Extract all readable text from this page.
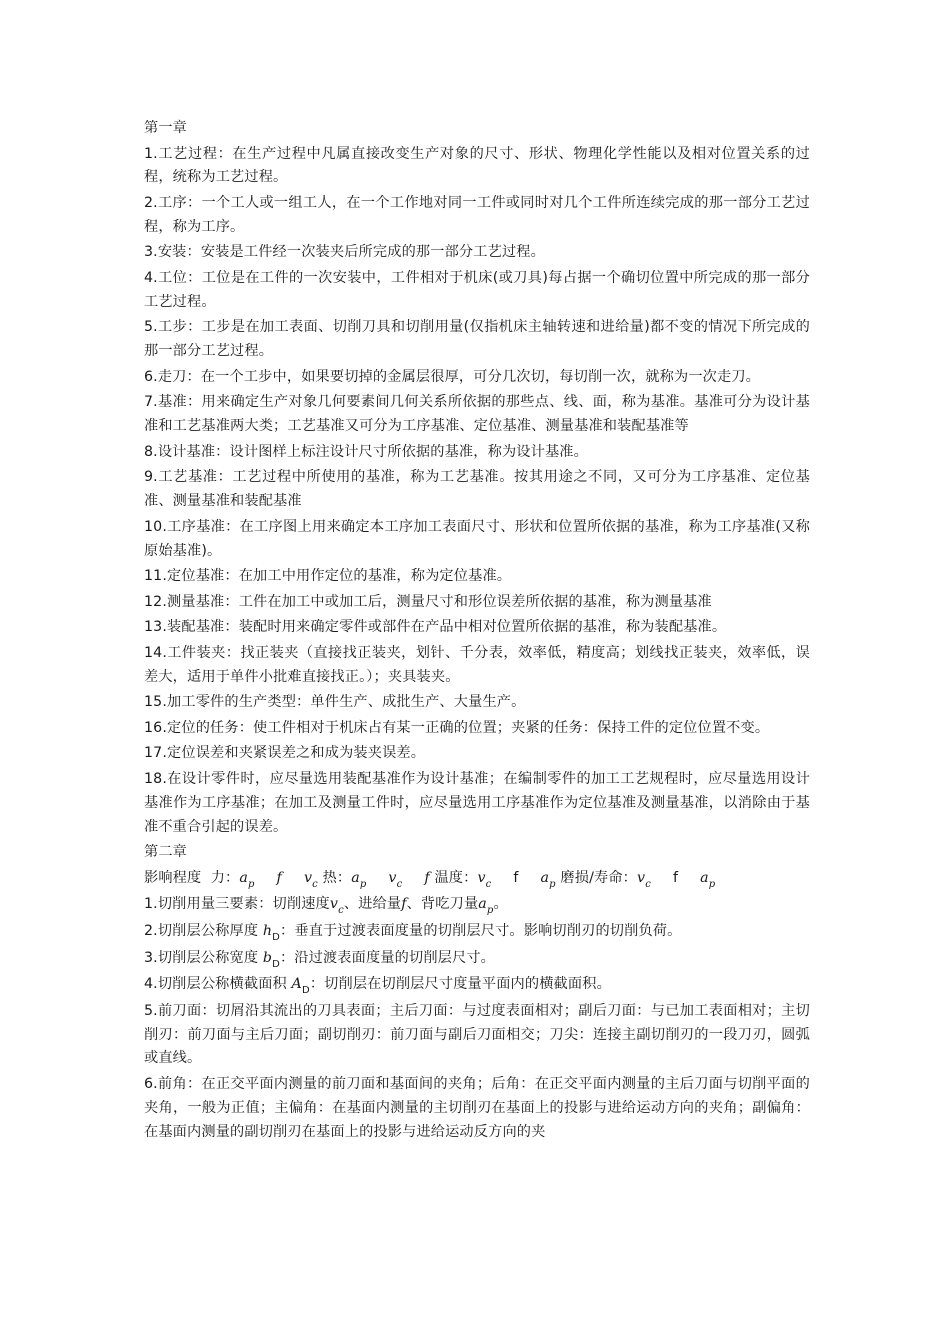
第一章

1.工艺过程：在生产过程中凡属直接改变生产对象的尺寸、形状、物理化学性能以及相对位置关系的过程，统称为工艺过程。

2.工序：一个工人或一组工人，在一个工作地对同一工件或同时对几个工件所连续完成的那一部分工艺过程，称为工序。

3.安装：安装是工件经一次装夹后所完成的那一部分工艺过程。

4.工位：工位是在工件的一次安装中，工件相对于机床(或刀具)每占据一个确切位置中所完成的那一部分工艺过程。

5.工步：工步是在加工表面、切削刀具和切削用量(仅指机床主轴转速和进给量)都不变的情况下所完成的那一部分工艺过程。

6.走刀：在一个工步中，如果要切掉的金属层很厚，可分几次切，每切削一次，就称为一次走刀。

7.基准：用来确定生产对象几何要素间几何关系所依据的那些点、线、面，称为基准。基准可分为设计基准和工艺基准两大类；工艺基准又可分为工序基准、定位基准、测量基准和装配基准等

8.设计基准：设计图样上标注设计尺寸所依据的基准，称为设计基准。

9.工艺基准：工艺过程中所使用的基准，称为工艺基准。按其用途之不同，又可分为工序基准、定位基准、测量基准和装配基准

10.工序基准：在工序图上用来确定本工序加工表面尺寸、形状和位置所依据的基准，称为工序基准(又称原始基准)。

11.定位基准：在加工中用作定位的基准，称为定位基准。

12.测量基准：工件在加工中或加工后，测量尺寸和形位误差所依据的基准，称为测量基准

13.装配基准：装配时用来确定零件或部件在产品中相对位置所依据的基准，称为装配基准。

14.工件装夹：找正装夹（直接找正装夹，划针、千分表，效率低，精度高；划线找正装夹，效率低，误差大，适用于单件小批难直接找正。）；夹具装夹。

15.加工零件的生产类型：单件生产、成批生产、大量生产。

16.定位的任务：使工件相对于机床占有某一正确的位置；夹紧的任务：保持工件的定位位置不变。

17.定位误差和夹紧误差之和成为装夹误差。

18.在设计零件时，应尽量选用装配基准作为设计基准；在编制零件的加工工艺规程时，应尽量选用设计基准作为工序基准；在加工及测量工件时，应尽量选用工序基准作为定位基准及测量基准，以消除由于基准不重合引起的误差。

第二章

影响程度 力：$a_p$ f $v_c$ 热：$a_p$ $v_c$ f 温度：$v_c$ f $a_p$ 磨损/寿命：$v_c$ f $a_p$

1.切削用量三要素：切削速度$v_c$、进给量f、背吃刀量$a_p$。

2.切削层公称厚度 $h_D$：垂直于过渡表面度量的切削层尺寸。影响切削刃的切削负荷。

3.切削层公称宽度 $b_D$：沿过渡表面度量的切削层尺寸。

4.切削层公称横截面积 $A_D$：切削层在切削层尺寸度量平面内的横截面积。

5.前刀面：切屑沿其流出的刀具表面；主后刀面：与过度表面相对；副后刀面：与已加工表面相对；主切削刃：前刀面与主后刀面；副切削刃：前刀面与副后刀面相交；刀尖：连接主副切削刃的一段刀刃，圆弧或直线。

6.前角：在正交平面内测量的前刀面和基面间的夹角；后角：在正交平面内测量的主后刀面与切削平面的夹角，一般为正值；主偏角：在基面内测量的主切削刃在基面上的投影与进给运动方向的夹角；副偏角：在基面内测量的副切削刃在基面上的投影与进给运动反方向的夹
